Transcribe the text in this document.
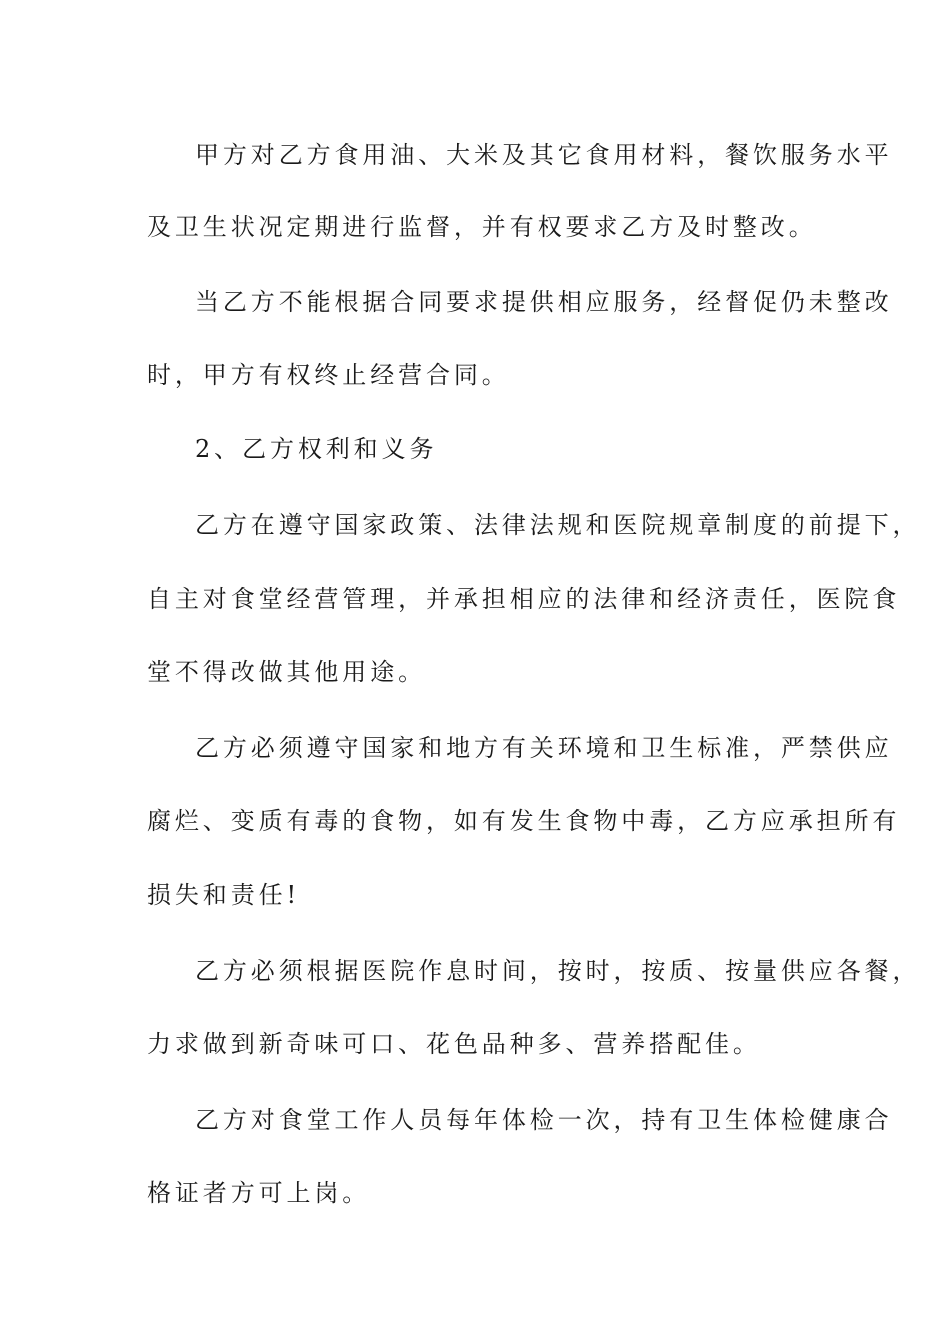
甲方对乙方食用油、大米及其它食用材料，餐饮服务水平
及卫生状况定期进行监督，并有权要求乙方及时整改。
当乙方不能根据合同要求提供相应服务，经督促仍未整改
时，甲方有权终止经营合同。
2、乙方权利和义务
乙方在遵守国家政策、法律法规和医院规章制度的前提下，
自主对食堂经营管理，并承担相应的法律和经济责任，医院食
堂不得改做其他用途。
乙方必须遵守国家和地方有关环境和卫生标准，严禁供应
腐烂、变质有毒的食物，如有发生食物中毒，乙方应承担所有
损失和责任!
乙方必须根据医院作息时间，按时，按质、按量供应各餐，
力求做到新奇味可口、花色品种多、营养搭配佳。
乙方对食堂工作人员每年体检一次，持有卫生体检健康合
格证者方可上岗。
